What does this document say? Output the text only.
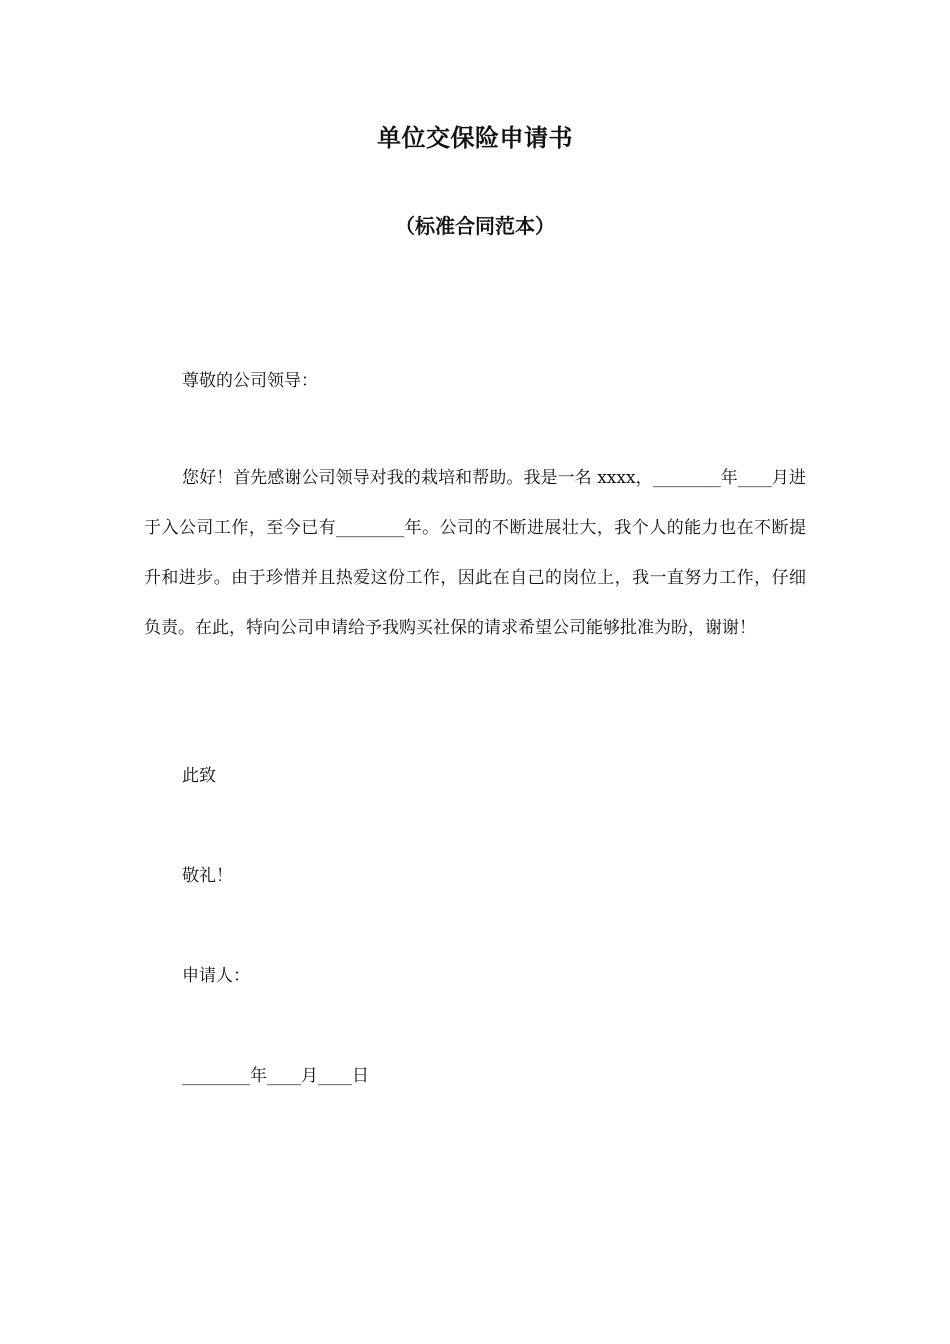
单位交保险申请书
（标准合同范本）

尊敬的公司领导：

您好！首先感谢公司领导对我的栽培和帮助。我是一名 xxxx，________年____月进于入公司工作，至今已有________年。公司的不断进展壮大，我个人的能力也在不断提升和进步。由于珍惜并且热爱这份工作，因此在自己的岗位上，我一直努力工作，仔细负责。在此，特向公司申请给予我购买社保的请求希望公司能够批准为盼，谢谢！

此致

敬礼！

申请人：

________年____月____日
